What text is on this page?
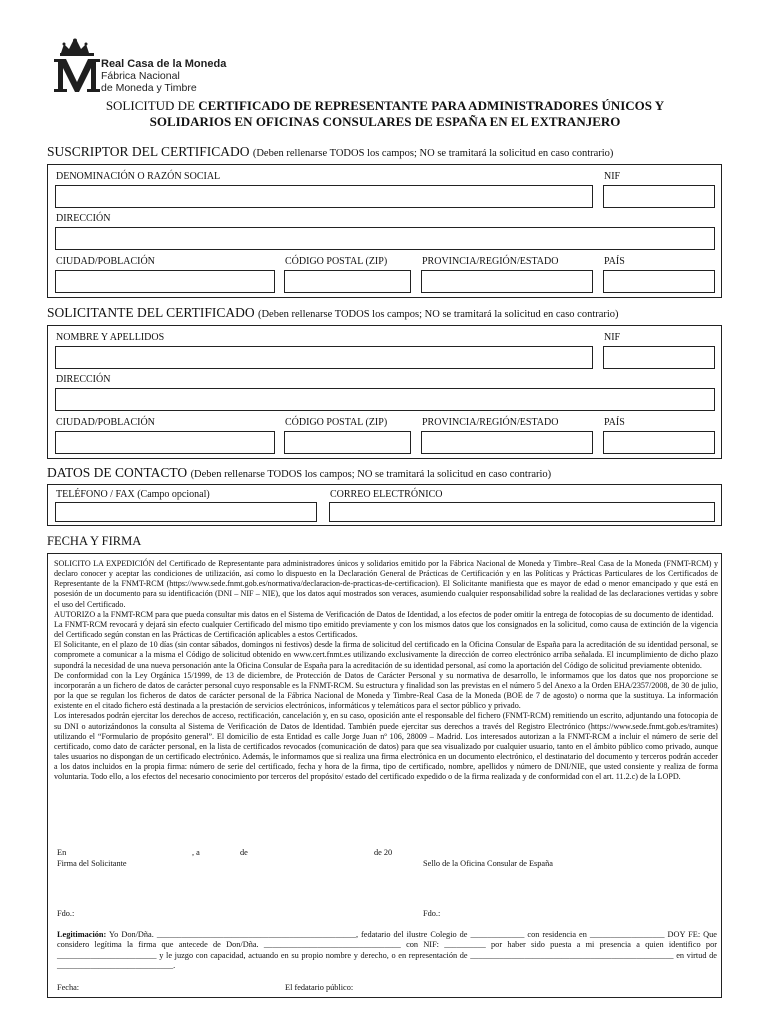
Real Casa de la Moneda
Fábrica Nacional
de Moneda y Timbre
SOLICITUD DE CERTIFICADO DE REPRESENTANTE PARA ADMINISTRADORES ÚNICOS Y
SOLIDARIOS EN OFICINAS CONSULARES DE ESPAÑA EN EL EXTRANJERO
SUSCRIPTOR DEL CERTIFICADO (Deben rellenarse TODOS los campos; NO se tramitará la solicitud en caso contrario)
DENOMINACIÓN O RAZÓN SOCIAL	NIF
DIRECCIÓN
CIUDAD/POBLACIÓN	CÓDIGO POSTAL (ZIP)	PROVINCIA/REGIÓN/ESTADO	PAÍS
SOLICITANTE DEL CERTIFICADO (Deben rellenarse TODOS los campos; NO se tramitará la solicitud en caso contrario)
NOMBRE Y APELLIDOS	NIF
DIRECCIÓN
CIUDAD/POBLACIÓN	CÓDIGO POSTAL (ZIP)	PROVINCIA/REGIÓN/ESTADO	PAÍS
DATOS DE CONTACTO (Deben rellenarse TODOS los campos; NO se tramitará la solicitud en caso contrario)
TELÉFONO / FAX (Campo opcional)	CORREO ELECTRÓNICO
FECHA Y FIRMA

SOLICITO LA EXPEDICIÓN del Certificado de Representante para administradores únicos y solidarios emitido por la Fábrica Nacional de Moneda y Timbre–Real Casa de la Moneda (FNMT-RCM) y declaro conocer y aceptar las condiciones de utilización, así como lo dispuesto en la Declaración General de Prácticas de Certificación y en las Políticas y Prácticas Particulares de los Certificados de Representante de la FNMT-RCM (https://www.sede.fnmt.gob.es/normativa/declaracion-de-practicas-de-certificacion). El Solicitante manifiesta que es mayor de edad o menor emancipado y que está en posesión de un documento para su identificación (DNI – NIF – NIE), que los datos aquí mostrados son veraces, asumiendo cualquier responsabilidad sobre la realidad de las declaraciones vertidas y sobre el uso del Certificado.

AUTORIZO a la FNMT-RCM para que pueda consultar mis datos en el Sistema de Verificación de Datos de Identidad, a los efectos de poder omitir la entrega de fotocopias de su documento de identidad.

La FNMT-RCM revocará y dejará sin efecto cualquier Certificado del mismo tipo emitido previamente y con los mismos datos que los consignados en la solicitud, como causa de extinción de la vigencia del Certificado según constan en las Prácticas de Certificación aplicables a estos Certificados.

El Solicitante, en el plazo de 10 días (sin contar sábados, domingos ni festivos) desde la firma de solicitud del certificado en la Oficina Consular de España para la acreditación de su identidad personal, se compromete a comunicar a la misma el Código de solicitud obtenido en www.cert.fnmt.es utilizando exclusivamente la dirección de correo electrónico arriba señalada. El incumplimiento de dicho plazo supondrá la necesidad de una nueva personación ante la Oficina Consular de España para la acreditación de su identidad personal, así como la aportación del Código de solicitud previamente obtenido.

De conformidad con la Ley Orgánica 15/1999, de 13 de diciembre, de Protección de Datos de Carácter Personal y su normativa de desarrollo, le informamos que los datos que nos proporcione se incorporarán a un fichero de datos de carácter personal cuyo responsable es la FNMT-RCM. Su estructura y finalidad son las previstas en el número 5 del Anexo a la Orden EHA/2357/2008, de 30 de julio, por la que se regulan los ficheros de datos de carácter personal de la Fábrica Nacional de Moneda y Timbre-Real Casa de la Moneda (BOE de 7 de agosto) o norma que la sustituya. La información existente en el citado fichero está destinada a la prestación de servicios electrónicos, informáticos y telemáticos para el sector público y privado.

Los interesados podrán ejercitar los derechos de acceso, rectificación, cancelación y, en su caso, oposición ante el responsable del fichero (FNMT-RCM) remitiendo un escrito, adjuntando una fotocopia de su DNI o autorizándonos la consulta al Sistema de Verificación de Datos de Identidad. También puede ejercitar sus derechos a través del Registro Electrónico (https://www.sede.fnmt.gob.es/tramites) utilizando el “Formulario de propósito general”. El domicilio de esta Entidad es calle Jorge Juan nº 106, 28009 – Madrid. Los interesados autorizan a la FNMT-RCM a incluir el número de serie del certificado, como dato de carácter personal, en la lista de certificados revocados (comunicación de datos) para que sea visualizado por cualquier usuario, tanto en el ámbito público como privado, aunque tales usuarios no dispongan de un certificado electrónico. Además, le informamos que si realiza una firma electrónica en un documento electrónico, el destinatario del documento y terceros podrán acceder a los datos incluidos en la propia firma: número de serie del certificado, fecha y hora de la firma, tipo de certificado, nombre, apellidos y número de DNI/NIE, que usted consiente y realiza de forma voluntaria. Todo ello, a los efectos del necesario conocimiento por terceros del propósito/ estado del certificado expedido o de la firma realizada y de conformidad con el art. 11.2.c) de la LOPD.

En	, a	de	de 20
Firma del Solicitante	Sello de la Oficina Consular de España
Fdo.:	Fdo.:
Legitimación: Yo Don/Dña. ________________________________________________, fedatario del ilustre Colegio de _____________ con residencia en __________________ DOY FE: Que considero legítima la firma que antecede de Don/Dña. _________________________________ con NIF: __________ por haber sido puesta a mi presencia a quien identifico por ________________________ y le juzgo con capacidad, actuando en su propio nombre y derecho, o en representación de _________________________________________________ en virtud de ____________________________.
Fecha:	El fedatario público:
